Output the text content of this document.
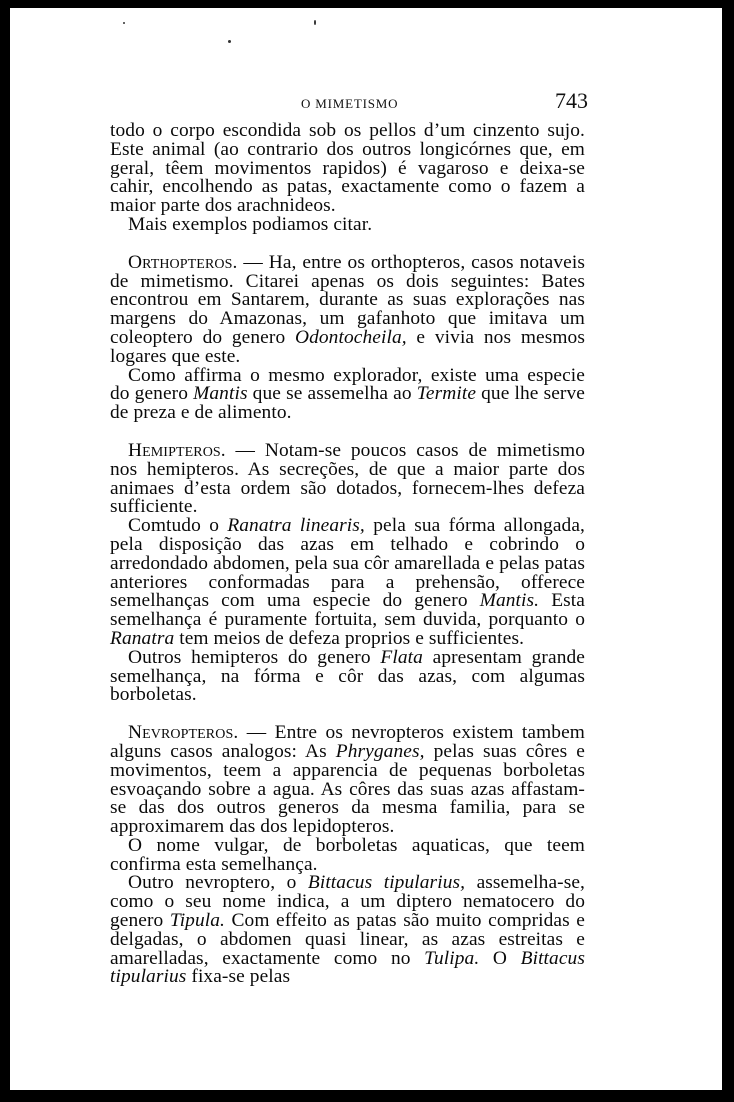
O MIMETISMO	743

todo o corpo escondida sob os pellos d’um cinzento sujo. Este animal (ao contrario dos outros longicórnes que, em geral, têem movimentos rapidos) é vagaroso e deixa-se cahir, encolhendo as patas, exactamente como o fazem a maior parte dos arachnideos.

Mais exemplos podiamos citar.

Orthopteros. — Ha, entre os orthopteros, casos notaveis de mimetismo. Citarei apenas os dois seguintes: Bates encontrou em Santarem, durante as suas explorações nas margens do Amazonas, um gafanhoto que imitava um coleoptero do genero Odontocheila, e vivia nos mesmos logares que este.

Como affirma o mesmo explorador, existe uma especie do genero Mantis que se assemelha ao Termite que lhe serve de preza e de alimento.

Hemipteros. — Notam-se poucos casos de mimetismo nos hemipteros. As secreções, de que a maior parte dos animaes d’esta ordem são dotados, fornecem-lhes defeza sufficiente.

Comtudo o Ranatra linearis, pela sua fórma allongada, pela disposição das azas em telhado e cobrindo o arredondado abdomen, pela sua côr amarellada e pelas patas anteriores conformadas para a prehensão, offerece semelhanças com uma especie do genero Mantis. Esta semelhança é puramente fortuita, sem duvida, porquanto o Ranatra tem meios de defeza proprios e sufficientes.

Outros hemipteros do genero Flata apresentam grande semelhança, na fórma e côr das azas, com algumas borboletas.

Nevropteros. — Entre os nevropteros existem tambem alguns casos analogos: As Phryganes, pelas suas côres e movimentos, teem a apparencia de pequenas borboletas esvoaçando sobre a agua. As côres das suas azas affastam-se das dos outros generos da mesma familia, para se approximarem das dos lepidopteros.

O nome vulgar, de borboletas aquaticas, que teem confirma esta semelhança.

Outro nevroptero, o Bittacus tipularius, assemelha-se, como o seu nome indica, a um diptero nematocero do genero Tipula. Com effeito as patas são muito compridas e delgadas, o abdomen quasi linear, as azas estreitas e amarelladas, exactamente como no Tulipa. O Bittacus tipularius fixa-se pelas
